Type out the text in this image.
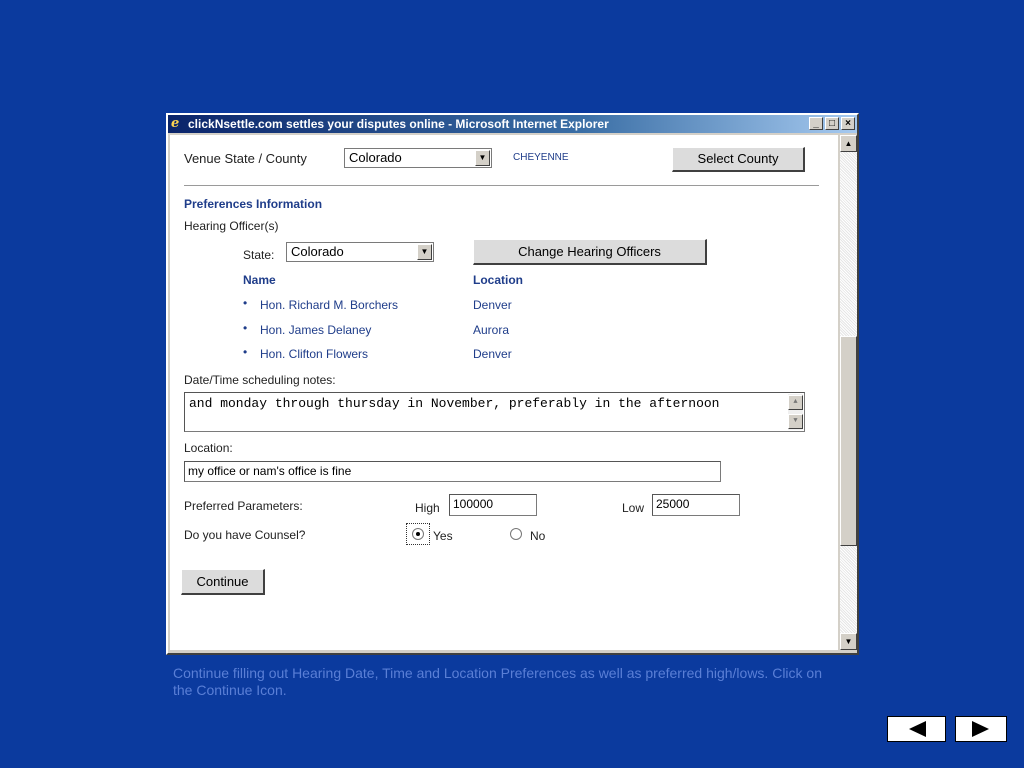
e clickNsettle.com settles your disputes online - Microsoft Internet Explorer	_	□	×
Venue State / County	Colorado	▼	CHEYENNE	Select County
Preferences Information
Hearing Officer(s)
State:	Colorado	▼	Change Hearing Officers
Name	Location
• Hon. Richard M. Borchers	Denver
• Hon. James Delaney	Aurora
• Hon. Clifton Flowers	Denver
Date/Time scheduling notes:
and monday through thursday in November, preferably in the afternoon	▲
▼
Location:
my office or nam's office is fine
Preferred Parameters:	High	100000	Low 25000
Do you have Counsel?	Yes	No
Continue
▲
▼
Continue filling out Hearing Date, Time and Location Preferences as well as preferred high/lows. Click on the Continue Icon.
